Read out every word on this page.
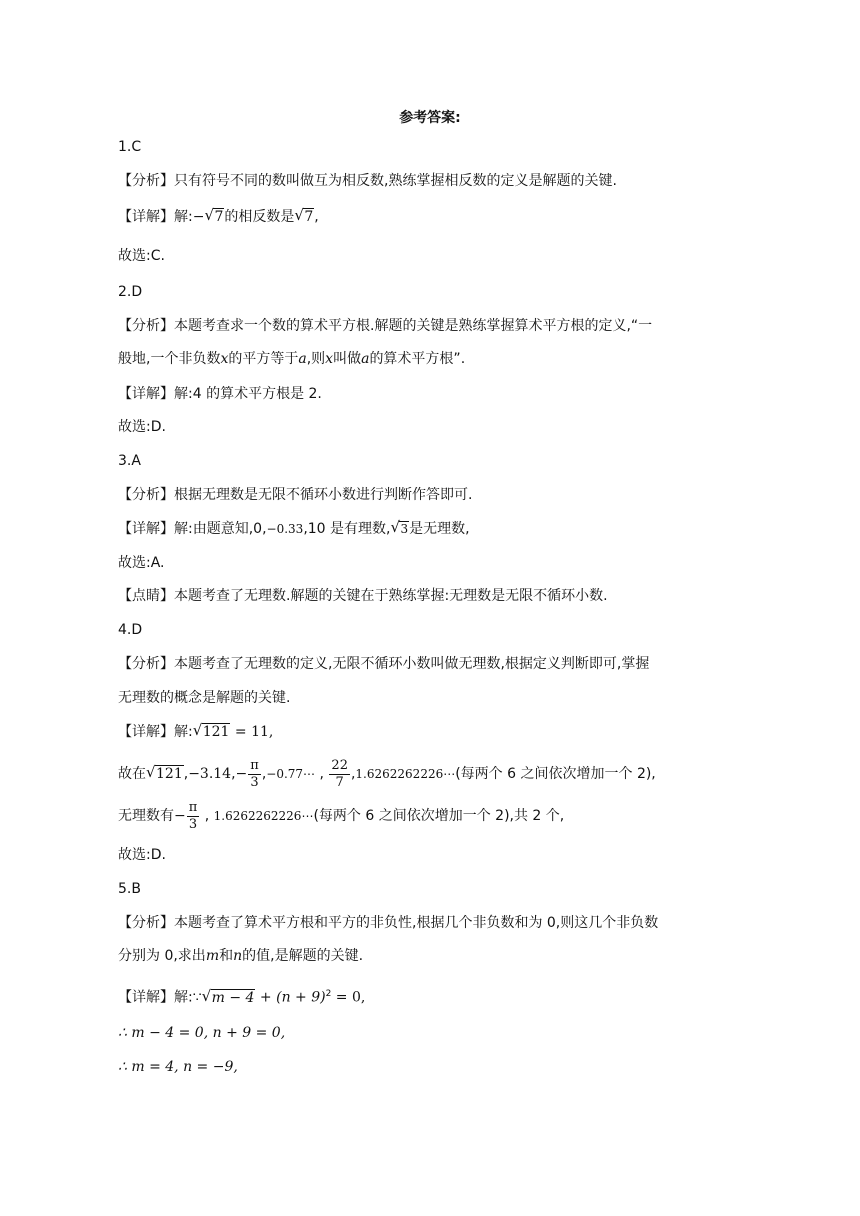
参考答案:
1.C
【分析】只有符号不同的数叫做互为相反数,熟练掌握相反数的定义是解题的关键.
【详解】解:− √ 7的相反数是 √ 7,
故选:C.
2.D
【分析】本题考查求一个数的算术平方根.解题的关键是熟练掌握算术平方根的定义,“一
般地,一个非负数x的平方等于a,则x叫做a的算术平方根”.
【详解】解:4 的算术平方根是 2.
故选:D.
3.A
【分析】根据无理数是无限不循环小数进行判断作答即可.
【详解】解:由题意知,0,−0.33,10 是有理数, √ 3是无理数,
故选:A.
【点睛】本题考查了无理数.解题的关键在于熟练掌握:无理数是无限不循环小数.
4.D
【分析】本题考查了无理数的定义,无限不循环小数叫做无理数,根据定义判断即可,掌握
无理数的概念是解题的关键.
【详解】解: √ 121 = 11,
故在 √ $121,-3.14,- \frac{\pi}{3}$ ,−0.77⋯ , $\frac{22}{7}$ ,1.6262262226⋯(每两个 6 之间依次增加一个 2),
无理数有− $\frac{\pi}{3}$ , 1.6262262226⋯(每两个 6 之间依次增加一个 2),共 2 个,
故选:D.
5.B
【分析】本题考查了算术平方根和平方的非负性,根据几个非负数和为 0,则这几个非负数
分别为 0,求出m和n的值,是解题的关键.
【详解】解:∵ √ $m - 4 + (n + 9)^2 = 0$,
∴ m − 4 = 0, n + 9 = 0,
∴ m = 4, n = −9,
